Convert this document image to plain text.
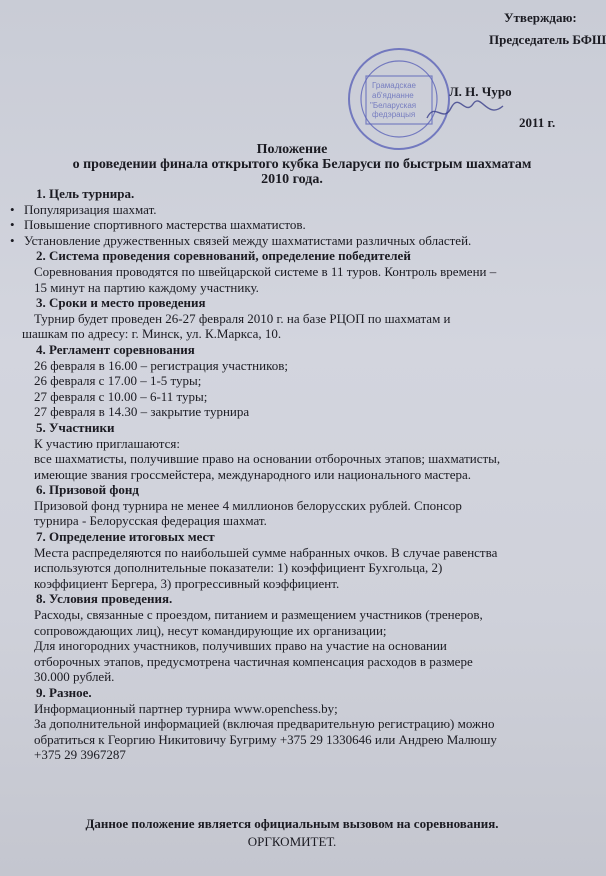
Утверждаю:
Председатель БФШ
Л. Н. Чуро
2011 г.
Грамадскае
аб'яднанне
"Беларуская
федэрацыя
Положение
о проведении финала открытого кубка Беларуси по быстрым шахматам
2010 года.
1. Цель турнира.
• Популяризация шахмат.
• Повышение спортивного мастерства шахматистов.
• Установление дружественных связей между шахматистами различных областей.
2. Система проведения соревнований, определение победителей
Соревнования проводятся по швейцарской системе в 11 туров. Контроль времени –
15 минут на партию каждому участнику.
3. Сроки и место проведения
Турнир будет проведен 26-27 февраля 2010 г. на базе РЦОП по шахматам и
шашкам по адресу: г. Минск, ул. К.Маркса, 10.
4. Регламент соревнования
26 февраля в 16.00 – регистрация участников;
26 февраля с 17.00 – 1-5 туры;
27 февраля с 10.00 – 6-11 туры;
27 февраля в 14.30 – закрытие турнира
5. Участники
К участию приглашаются:
все шахматисты, получившие право на основании отборочных этапов; шахматисты,
имеющие звания гроссмейстера, международного или национального мастера.
6. Призовой фонд
Призовой фонд турнира не менее 4 миллионов белорусских рублей. Спонсор
турнира - Белорусская федерация шахмат.
7. Определение итоговых мест
Места распределяются по наибольшей сумме набранных очков. В случае равенства
используются дополнительные показатели: 1) коэффициент Бухгольца, 2)
коэффициент Бергера, 3) прогрессивный коэффициент.
8. Условия проведения.
Расходы, связанные с проездом, питанием и размещением участников (тренеров,
сопровождающих лиц), несут командирующие их организации;
Для иногородних участников, получивших право на участие на основании
отборочных этапов, предусмотрена частичная компенсация расходов в размере
30.000 рублей.
9. Разное.
Информационный партнер турнира www.openchess.by;
За дополнительной информацией (включая предварительную регистрацию) можно
обратиться к Георгию Никитовичу Бугриму +375 29 1330646 или Андрею Малюшу
+375 29 3967287
Данное положение является официальным вызовом на соревнования.
ОРГКОМИТЕТ.
